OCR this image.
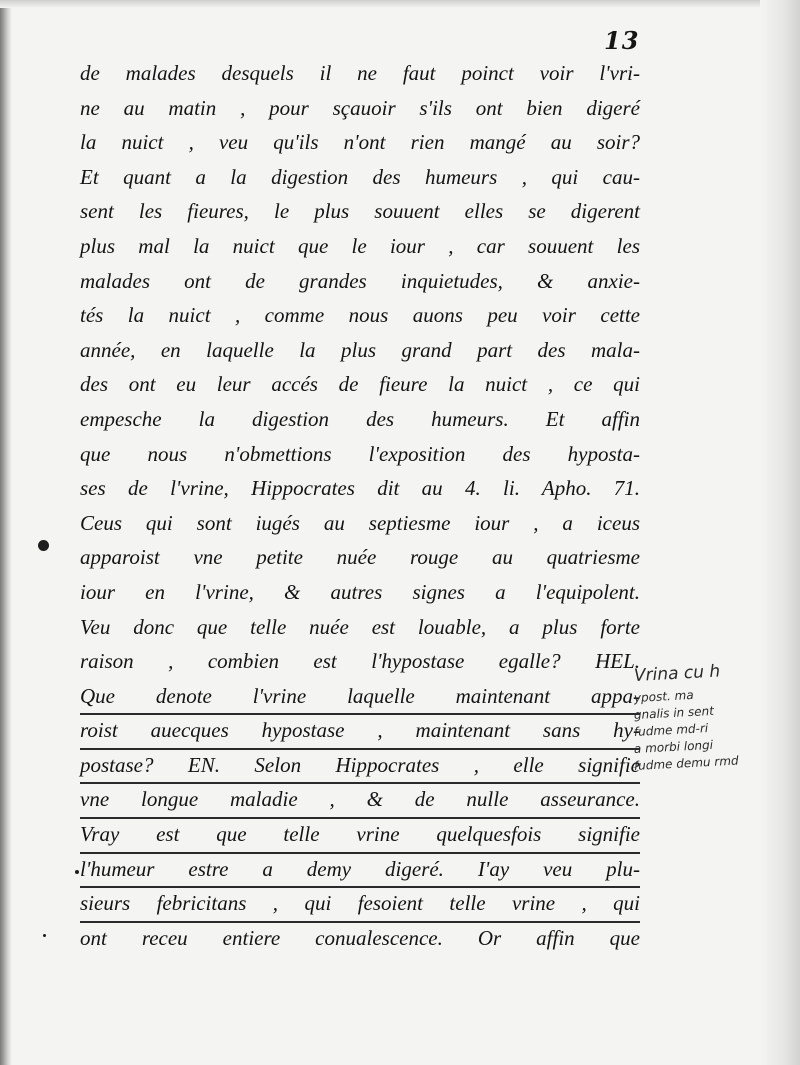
13
de malades desquels il ne faut poinct voir l'vri-
ne au matin , pour sçauoir s'ils ont bien digeré
la nuict , veu qu'ils n'ont rien mangé au soir?
Et quant a la digestion des humeurs , qui cau-
sent les fieures, le plus souuent elles se digerent
plus mal la nuict que le iour , car souuent les
malades ont de grandes inquietudes, & anxie-
tés la nuict , comme nous auons peu voir cette
année, en laquelle la plus grand part des mala-
des ont eu leur accés de fieure la nuict , ce qui
empesche la digestion des humeurs. Et affin
que nous n'obmettions l'exposition des hyposta-
ses de l'vrine, Hippocrates dit au 4. li. Apho. 71.
Ceus qui sont iugés au septiesme iour , a iceus
apparoist vne petite nuée rouge au quatriesme
iour en l'vrine, & autres signes a l'equipolent.
Veu donc que telle nuée est louable, a plus forte
raison , combien est l'hypostase egalle? HEL.
Que denote l'vrine laquelle maintenant appa-
roist auecques hypostase , maintenant sans hy-
postase? EN. Selon Hippocrates , elle signifie
vne longue maladie , & de nulle asseurance.
Vray est que telle vrine quelquesfois signifie
l'humeur estre a demy digeré. I'ay veu plu-
sieurs febricitans , qui fesoient telle vrine , qui
ont receu entiere conualescence. Or affin que
Vrina cu h
ypost. ma
gnalis in sent
fudme md-ri
a morbi longi
fudme demu rmd
